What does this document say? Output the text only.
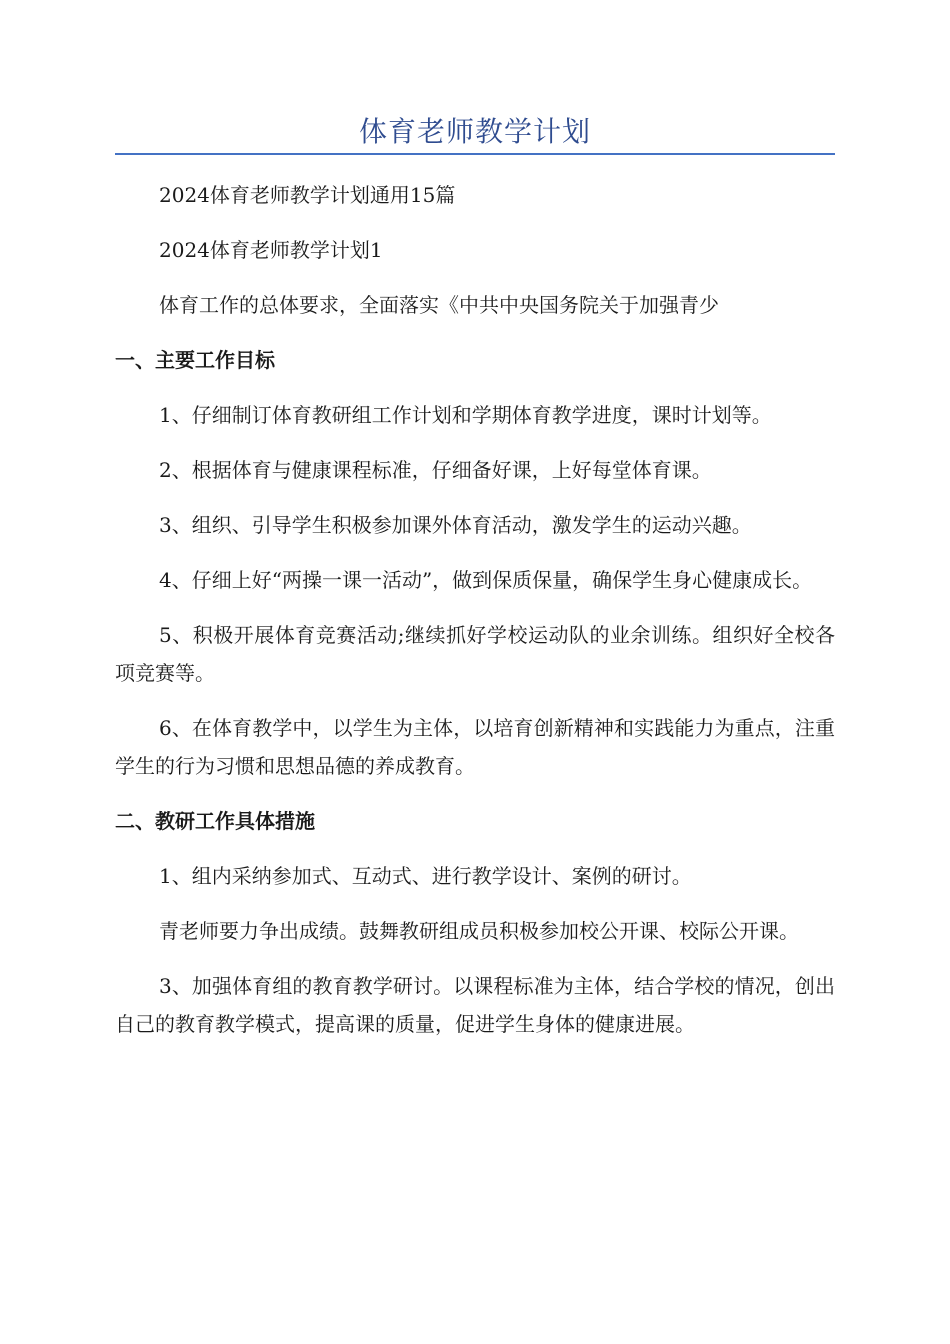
体育老师教学计划

2024体育老师教学计划通用15篇

2024体育老师教学计划1

体育工作的总体要求，全面落实《中共中央国务院关于加强青少

一、主要工作目标

1、仔细制订体育教研组工作计划和学期体育教学进度，课时计划等。

2、根据体育与健康课程标准，仔细备好课，上好每堂体育课。

3、组织、引导学生积极参加课外体育活动，激发学生的运动兴趣。

4、仔细上好“两操一课一活动”，做到保质保量，确保学生身心健康成长。

5、积极开展体育竞赛活动;继续抓好学校运动队的业余训练。组织好全校各项竞赛等。

6、在体育教学中，以学生为主体，以培育创新精神和实践能力为重点，注重学生的行为习惯和思想品德的养成教育。

二、教研工作具体措施

1、组内采纳参加式、互动式、进行教学设计、案例的研讨。

青老师要力争出成绩。鼓舞教研组成员积极参加校公开课、校际公开课。

3、加强体育组的教育教学研讨。以课程标准为主体，结合学校的情况，创出自己的教育教学模式，提高课的质量，促进学生身体的健康进展。
